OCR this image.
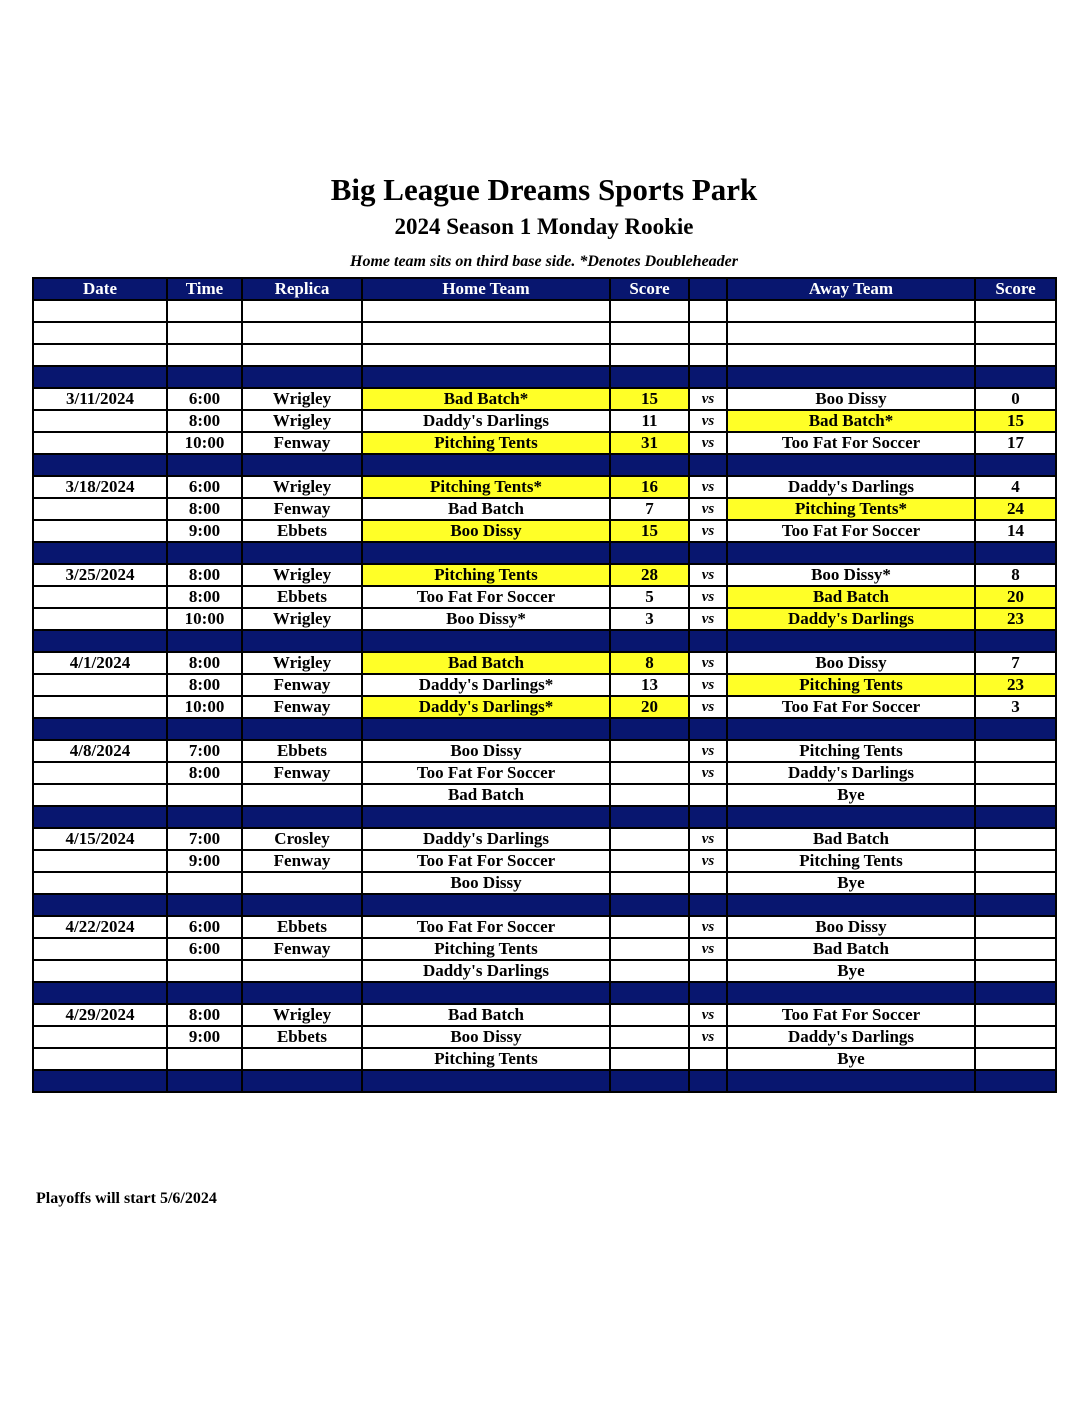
Big League Dreams Sports Park
2024 Season 1 Monday Rookie
Home team sits on third base side. *Denotes Doubleheader
Date	Time	Replica	Home Team	Score		Away Team	Score

3/11/2024	6:00	Wrigley	Bad Batch*	15	vs	Boo Dissy	0
	8:00	Wrigley	Daddy's Darlings	11	vs	Bad Batch*	15
	10:00	Fenway	Pitching Tents	31	vs	Too Fat For Soccer	17

3/18/2024	6:00	Wrigley	Pitching Tents*	16	vs	Daddy's Darlings	4
	8:00	Fenway	Bad Batch	7	vs	Pitching Tents*	24
	9:00	Ebbets	Boo Dissy	15	vs	Too Fat For Soccer	14

3/25/2024	8:00	Wrigley	Pitching Tents	28	vs	Boo Dissy*	8
	8:00	Ebbets	Too Fat For Soccer	5	vs	Bad Batch	20
	10:00	Wrigley	Boo Dissy*	3	vs	Daddy's Darlings	23

4/1/2024	8:00	Wrigley	Bad Batch	8	vs	Boo Dissy	7
	8:00	Fenway	Daddy's Darlings*	13	vs	Pitching Tents	23
	10:00	Fenway	Daddy's Darlings*	20	vs	Too Fat For Soccer	3

4/8/2024	7:00	Ebbets	Boo Dissy		vs	Pitching Tents	
	8:00	Fenway	Too Fat For Soccer		vs	Daddy's Darlings	
			Bad Batch			Bye	

4/15/2024	7:00	Crosley	Daddy's Darlings		vs	Bad Batch	
	9:00	Fenway	Too Fat For Soccer		vs	Pitching Tents	
			Boo Dissy			Bye	

4/22/2024	6:00	Ebbets	Too Fat For Soccer		vs	Boo Dissy	
	6:00	Fenway	Pitching Tents		vs	Bad Batch	
			Daddy's Darlings			Bye	

4/29/2024	8:00	Wrigley	Bad Batch		vs	Too Fat For Soccer	
	9:00	Ebbets	Boo Dissy		vs	Daddy's Darlings	
			Pitching Tents			Bye	

Playoffs will start 5/6/2024
